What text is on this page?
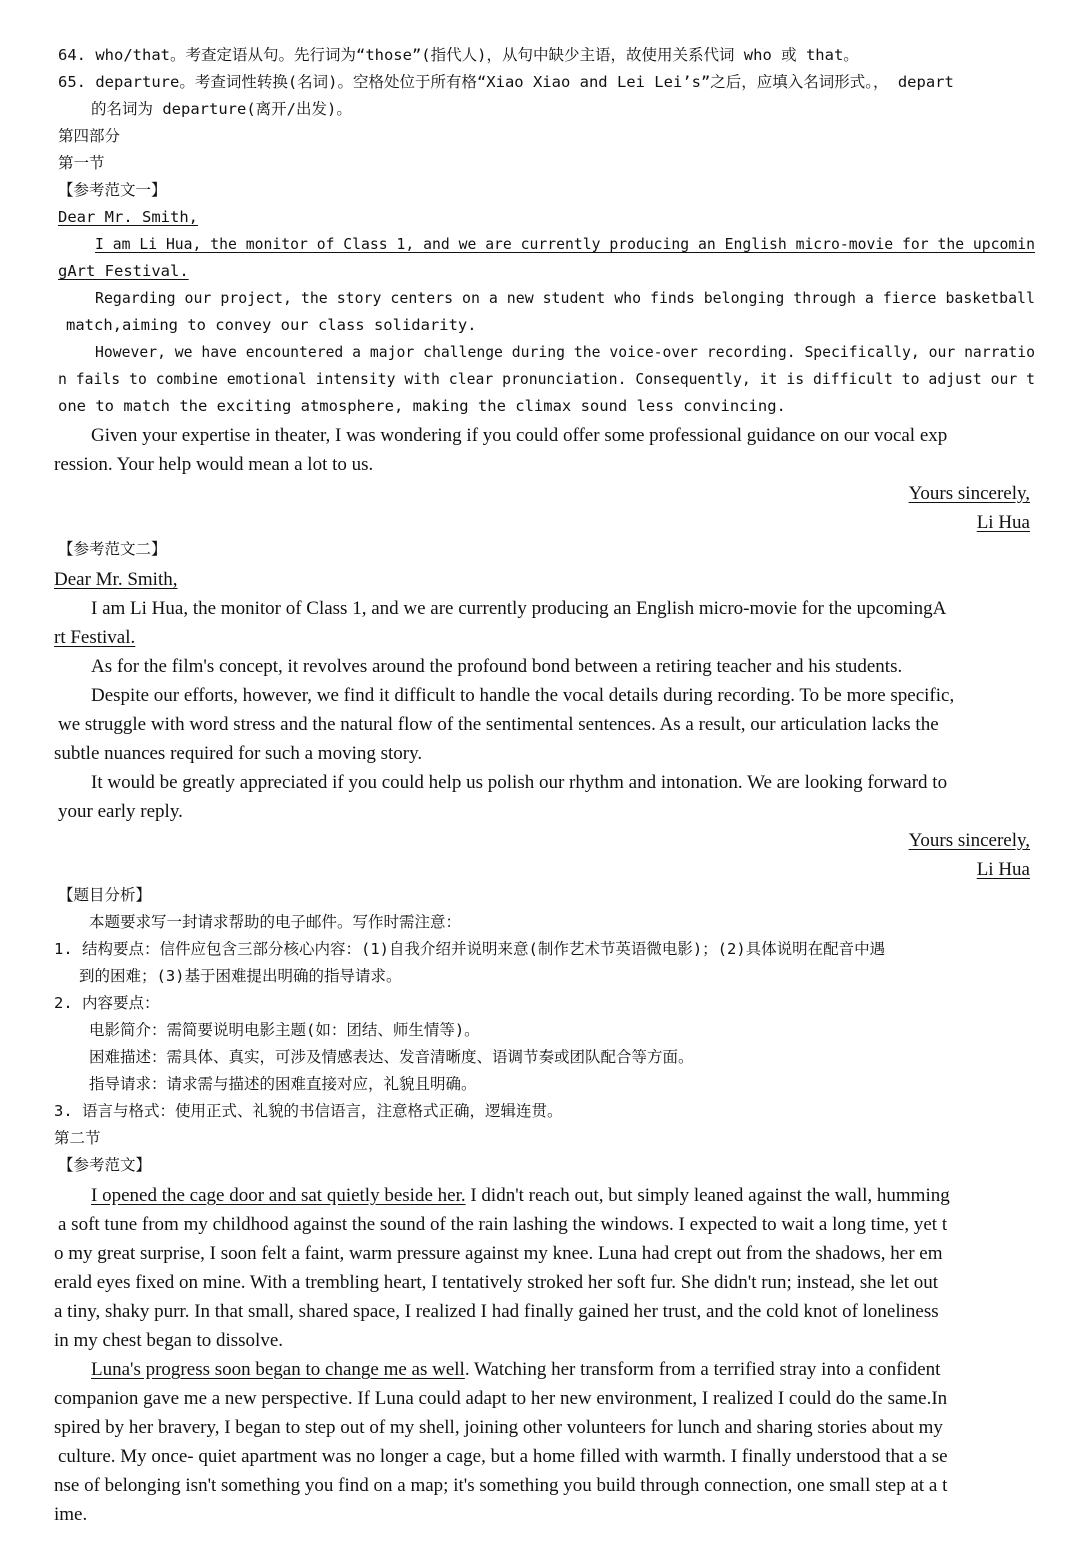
64. who/that。考查定语从句。先行词为“those”(指代人)，从句中缺少主语，故使用关系代词 who 或 that。
65. departure。考查词性转换(名词)。空格处位于所有格“Xiao Xiao and Lei Lei’s”之后，应填入名词形式。， depart
的名词为 departure(离开/出发)。
第四部分
第一节
【参考范文一】
Dear Mr. Smith,
I am Li Hua, the monitor of Class 1, and we are currently producing an English micro-movie for the upcomin
gArt Festival.
Regarding our project, the story centers on a new student who finds belonging through a fierce basketball
match,aiming to convey our class solidarity.
However, we have encountered a major challenge during the voice-over recording. Specifically, our narratio
n fails to combine emotional intensity with clear pronunciation. Consequently, it is difficult to adjust our t
one to match the exciting atmosphere, making the climax sound less convincing.
Given your expertise in theater, I was wondering if you could offer some professional guidance on our vocal exp
ression. Your help would mean a lot to us.
Yours sincerely,
Li Hua
【参考范文二】
Dear Mr. Smith,
I am Li Hua, the monitor of Class 1, and we are currently producing an English micro-movie for the upcomingA
rt Festival.
As for the film's concept, it revolves around the profound bond between a retiring teacher and his students.
Despite our efforts, however, we find it difficult to handle the vocal details during recording. To be more specific,
we struggle with word stress and the natural flow of the sentimental sentences. As a result, our articulation lacks the
subtle nuances required for such a moving story.
It would be greatly appreciated if you could help us polish our rhythm and intonation. We are looking forward to
your early reply.
Yours sincerely,
Li Hua
【题目分析】
本题要求写一封请求帮助的电子邮件。写作时需注意：
1. 结构要点：信件应包含三部分核心内容：(1)自我介绍并说明来意(制作艺术节英语微电影)；(2)具体说明在配音中遇
到的困难；(3)基于困难提出明确的指导请求。
2. 内容要点：
电影简介：需简要说明电影主题(如：团结、师生情等)。
困难描述：需具体、真实，可涉及情感表达、发音清晰度、语调节奏或团队配合等方面。
指导请求：请求需与描述的困难直接对应，礼貌且明确。
3. 语言与格式：使用正式、礼貌的书信语言，注意格式正确，逻辑连贯。
第二节
【参考范文】
I opened the cage door and sat quietly beside her. I didn't reach out, but simply leaned against the wall, humming
a soft tune from my childhood against the sound of the rain lashing the windows. I expected to wait a long time, yet t
o my great surprise, I soon felt a faint, warm pressure against my knee. Luna had crept out from the shadows, her em
erald eyes fixed on mine. With a trembling heart, I tentatively stroked her soft fur. She didn't run; instead, she let out
a tiny, shaky purr. In that small, shared space, I realized I had finally gained her trust, and the cold knot of loneliness
in my chest began to dissolve.
Luna's progress soon began to change me as well. Watching her transform from a terrified stray into a confident
companion gave me a new perspective. If Luna could adapt to her new environment, I realized I could do the same.In
spired by her bravery, I began to step out of my shell, joining other volunteers for lunch and sharing stories about my
culture. My once- quiet apartment was no longer a cage, but a home filled with warmth. I finally understood that a se
nse of belonging isn't something you find on a map; it's something you build through connection, one small step at a t
ime.
